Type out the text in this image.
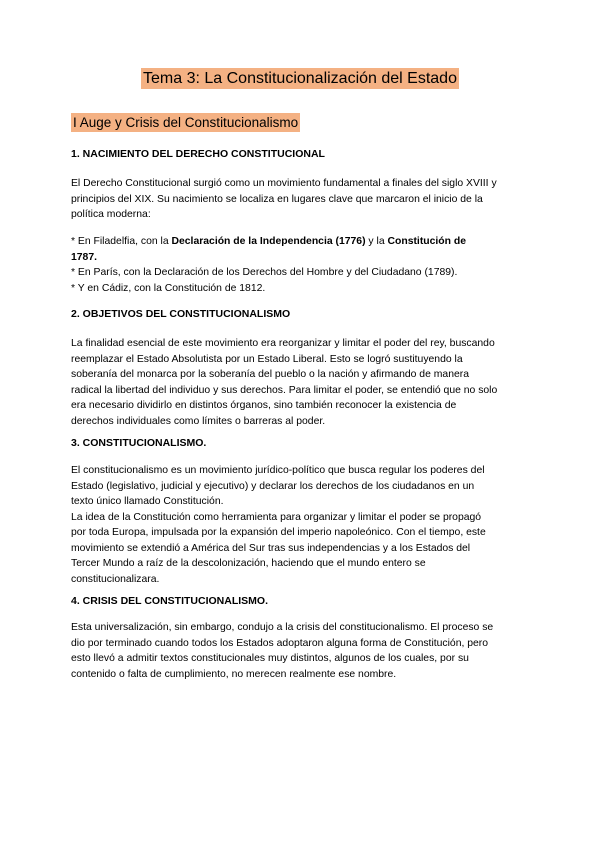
Tema 3: La Constitucionalización del Estado
I Auge y Crisis del Constitucionalismo
1. NACIMIENTO DEL DERECHO CONSTITUCIONAL
El Derecho Constitucional surgió como un movimiento fundamental a finales del siglo XVIII y
principios del XIX. Su nacimiento se localiza en lugares clave que marcaron el inicio de la
política moderna:
* En Filadelfia, con la Declaración de la Independencia (1776) y la Constitución de
1787.
* En París, con la Declaración de los Derechos del Hombre y del Ciudadano (1789).
* Y en Cádiz, con la Constitución de 1812.
2. OBJETIVOS DEL CONSTITUCIONALISMO
La finalidad esencial de este movimiento era reorganizar y limitar el poder del rey, buscando
reemplazar el Estado Absolutista por un Estado Liberal. Esto se logró sustituyendo la
soberanía del monarca por la soberanía del pueblo o la nación y afirmando de manera
radical la libertad del individuo y sus derechos. Para limitar el poder, se entendió que no solo
era necesario dividirlo en distintos órganos, sino también reconocer la existencia de
derechos individuales como límites o barreras al poder.
3. CONSTITUCIONALISMO.
El constitucionalismo es un movimiento jurídico-político que busca regular los poderes del
Estado (legislativo, judicial y ejecutivo) y declarar los derechos de los ciudadanos en un
texto único llamado Constitución.
La idea de la Constitución como herramienta para organizar y limitar el poder se propagó
por toda Europa, impulsada por la expansión del imperio napoleónico. Con el tiempo, este
movimiento se extendió a América del Sur tras sus independencias y a los Estados del
Tercer Mundo a raíz de la descolonización, haciendo que el mundo entero se
constitucionalizara.
4. CRISIS DEL CONSTITUCIONALISMO.
Esta universalización, sin embargo, condujo a la crisis del constitucionalismo. El proceso se
dio por terminado cuando todos los Estados adoptaron alguna forma de Constitución, pero
esto llevó a admitir textos constitucionales muy distintos, algunos de los cuales, por su
contenido o falta de cumplimiento, no merecen realmente ese nombre.
